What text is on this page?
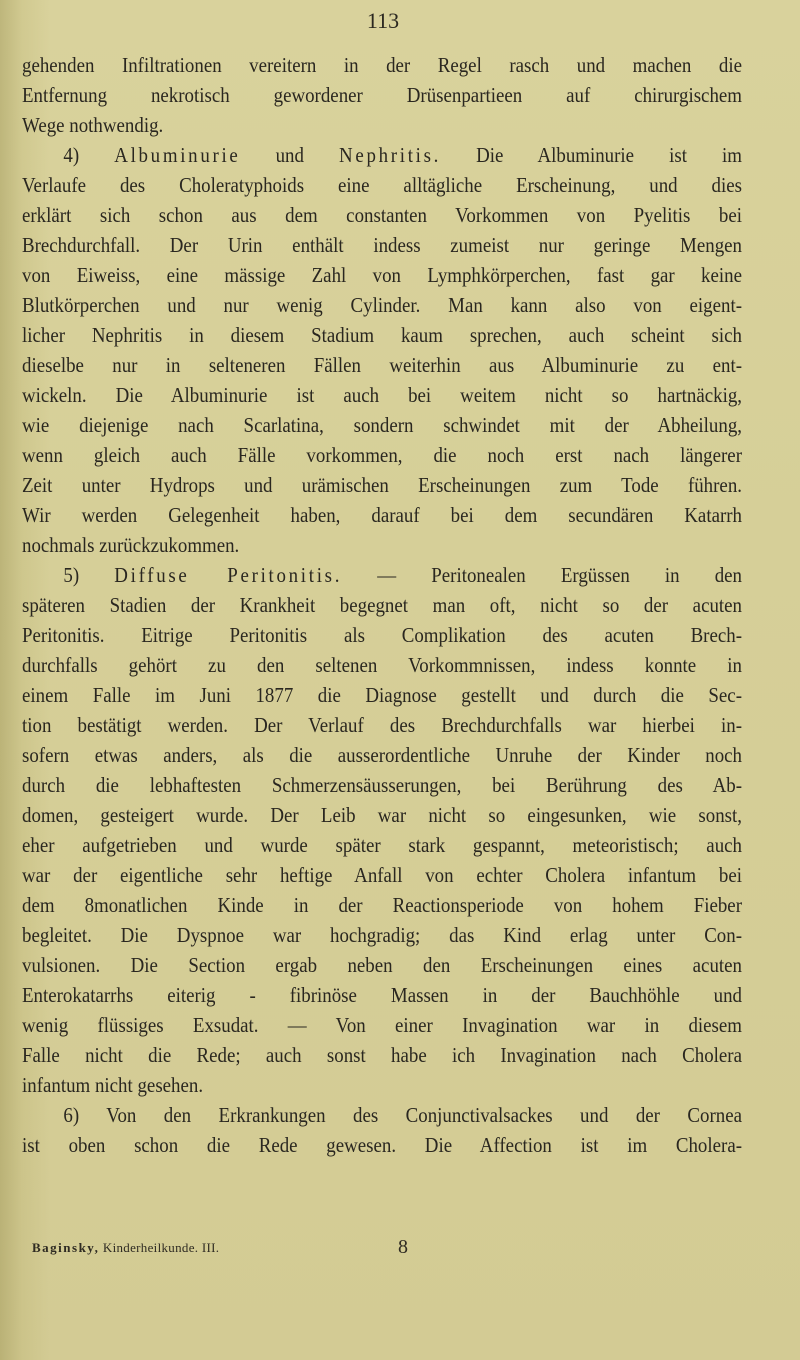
113
gehenden Infiltrationen vereitern in der Regel rasch und machen die
Entfernung nekrotisch gewordener Drüsenpartieen auf chirurgischem
Wege nothwendig.
4) Albuminurie und Nephritis. Die Albuminurie ist im
Verlaufe des Choleratyphoids eine alltägliche Erscheinung, und dies
erklärt sich schon aus dem constanten Vorkommen von Pyelitis bei
Brechdurchfall. Der Urin enthält indess zumeist nur geringe Mengen
von Eiweiss, eine mässige Zahl von Lymphkörperchen, fast gar keine
Blutkörperchen und nur wenig Cylinder. Man kann also von eigent-
licher Nephritis in diesem Stadium kaum sprechen, auch scheint sich
dieselbe nur in selteneren Fällen weiterhin aus Albuminurie zu ent-
wickeln. Die Albuminurie ist auch bei weitem nicht so hartnäckig,
wie diejenige nach Scarlatina, sondern schwindet mit der Abheilung,
wenn gleich auch Fälle vorkommen, die noch erst nach längerer
Zeit unter Hydrops und urämischen Erscheinungen zum Tode führen.
Wir werden Gelegenheit haben, darauf bei dem secundären Katarrh
nochmals zurückzukommen.
5) Diffuse Peritonitis. — Peritonealen Ergüssen in den
späteren Stadien der Krankheit begegnet man oft, nicht so der acuten
Peritonitis. Eitrige Peritonitis als Complikation des acuten Brech-
durchfalls gehört zu den seltenen Vorkommnissen, indess konnte in
einem Falle im Juni 1877 die Diagnose gestellt und durch die Sec-
tion bestätigt werden. Der Verlauf des Brechdurchfalls war hierbei in-
sofern etwas anders, als die ausserordentliche Unruhe der Kinder noch
durch die lebhaftesten Schmerzensäusserungen, bei Berührung des Ab-
domen, gesteigert wurde. Der Leib war nicht so eingesunken, wie sonst,
eher aufgetrieben und wurde später stark gespannt, meteoristisch; auch
war der eigentliche sehr heftige Anfall von echter Cholera infantum bei
dem 8monatlichen Kinde in der Reactionsperiode von hohem Fieber
begleitet. Die Dyspnoe war hochgradig; das Kind erlag unter Con-
vulsionen. Die Section ergab neben den Erscheinungen eines acuten
Enterokatarrhs eiterig - fibrinöse Massen in der Bauchhöhle und
wenig flüssiges Exsudat. — Von einer Invagination war in diesem
Falle nicht die Rede; auch sonst habe ich Invagination nach Cholera
infantum nicht gesehen.
6) Von den Erkrankungen des Conjunctivalsackes und der Cornea
ist oben schon die Rede gewesen. Die Affection ist im Cholera-
Baginsky, Kinderheilkunde. III.	8
